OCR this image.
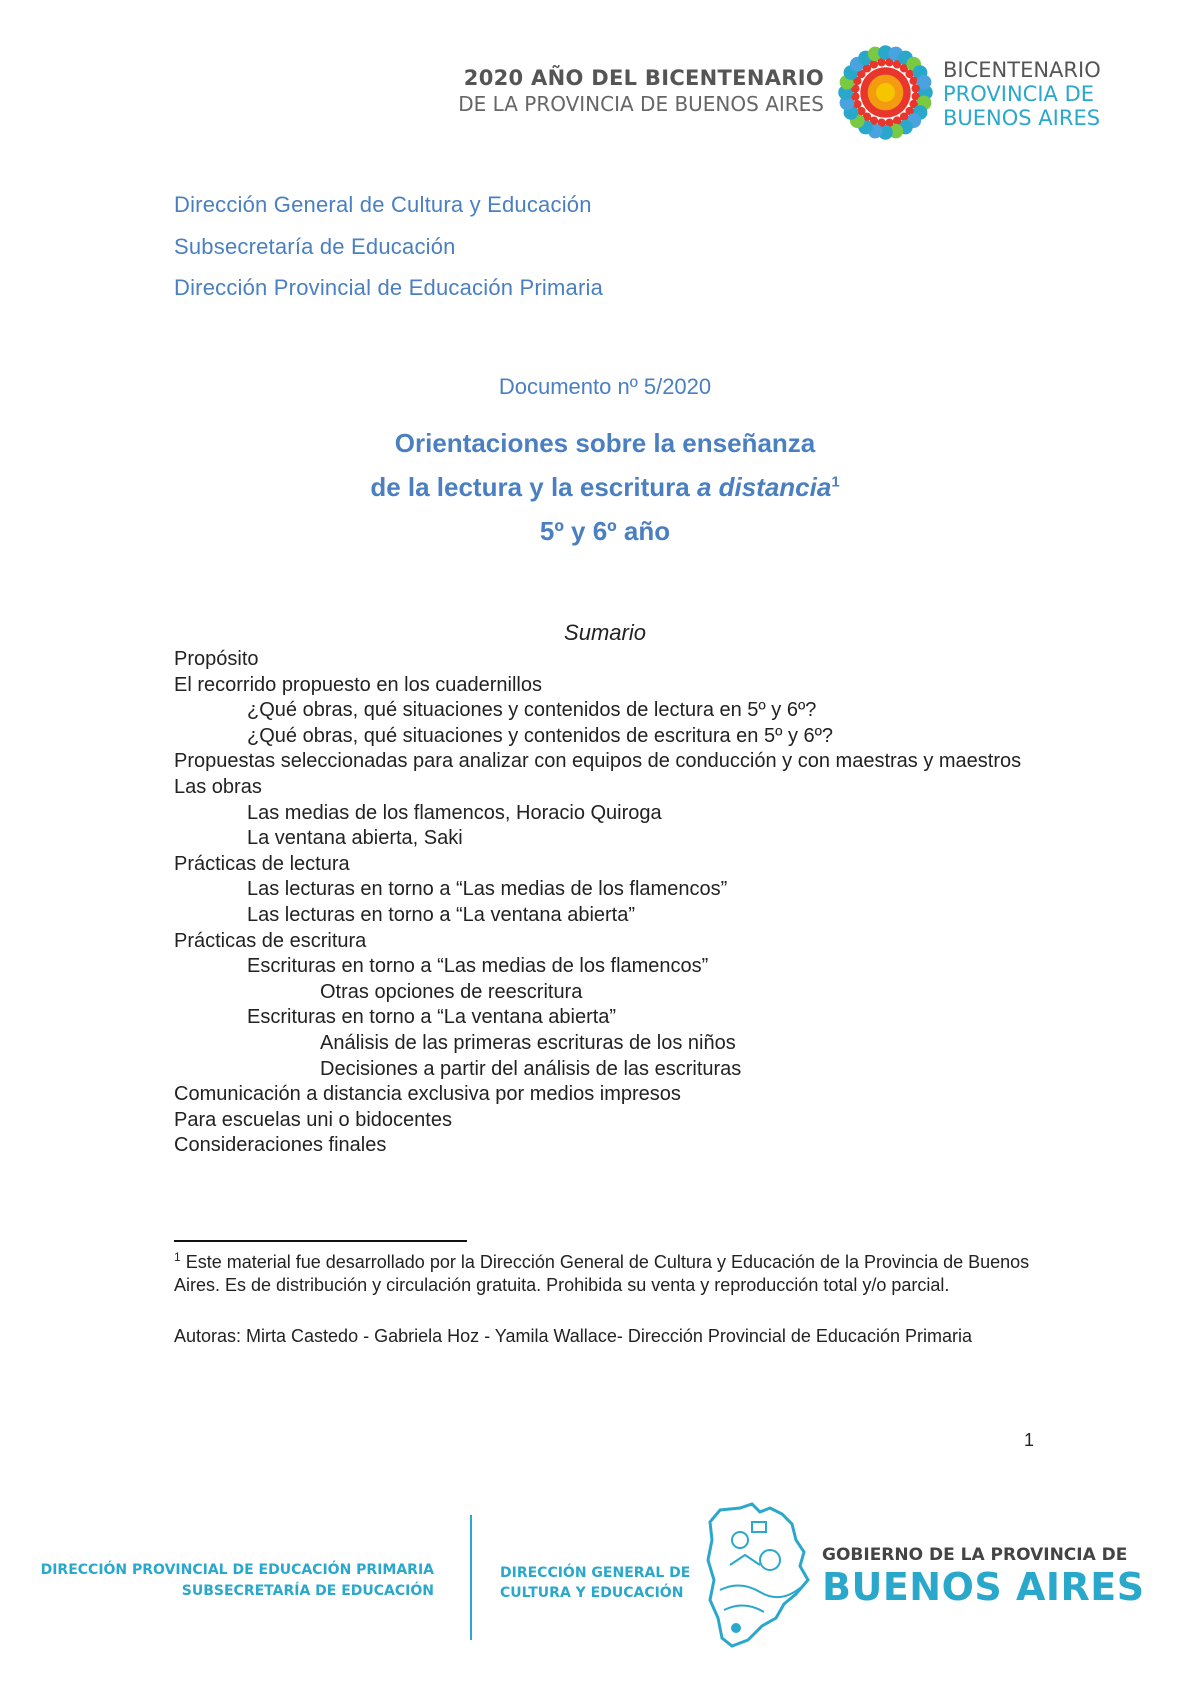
2020 AÑO DEL BICENTENARIO
DE LA PROVINCIA DE BUENOS AIRES
BICENTENARIO
PROVINCIA DE
BUENOS AIRES
Dirección General de Cultura y Educación
Subsecretaría de Educación
Dirección Provincial de Educación Primaria
Documento nº 5/2020
Orientaciones sobre la enseñanza
de la lectura y la escritura a distancia$^1$
5º y 6º año
Sumario
Propósito
El recorrido propuesto en los cuadernillos
¿Qué obras, qué situaciones y contenidos de lectura en 5º y 6º?
¿Qué obras, qué situaciones y contenidos de escritura en 5º y 6º?
Propuestas seleccionadas para analizar con equipos de conducción y con maestras y maestros
Las obras
Las medias de los flamencos, Horacio Quiroga
La ventana abierta, Saki
Prácticas de lectura
Las lecturas en torno a “Las medias de los flamencos”
Las lecturas en torno a “La ventana abierta”
Prácticas de escritura
Escrituras en torno a “Las medias de los flamencos”
Otras opciones de reescritura
Escrituras en torno a “La ventana abierta”
Análisis de las primeras escrituras de los niños
Decisiones a partir del análisis de las escrituras
Comunicación a distancia exclusiva por medios impresos
Para escuelas uni o bidocentes
Consideraciones finales
$^1$ Este material fue desarrollado por la Dirección General de Cultura y Educación de la Provincia de Buenos Aires. Es de distribución y circulación gratuita. Prohibida su venta y reproducción total y/o parcial.
Autoras: Mirta Castedo - Gabriela Hoz - Yamila Wallace- Dirección Provincial de Educación Primaria
1
DIRECCIÓN PROVINCIAL DE EDUCACIÓN PRIMARIA
SUBSECRETARÍA DE EDUCACIÓN
DIRECCIÓN GENERAL DE
CULTURA Y EDUCACIÓN
GOBIERNO DE LA PROVINCIA DE
BUENOS AIRES
